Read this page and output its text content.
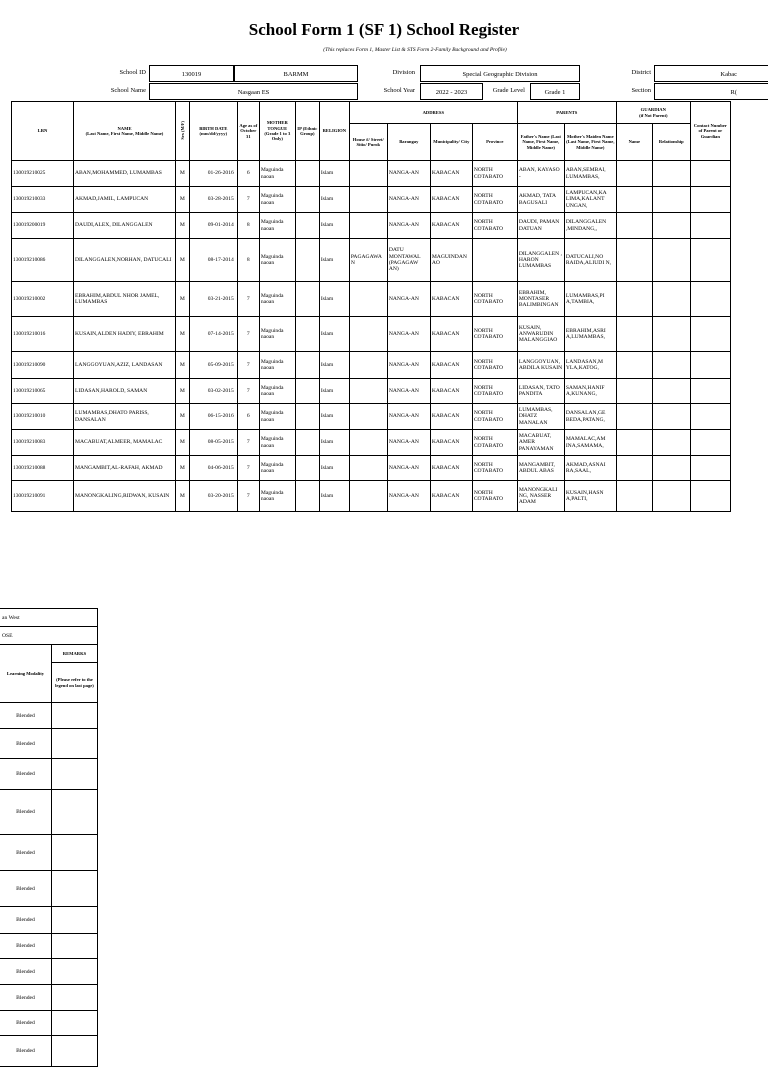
School Form 1 (SF 1) School Register
(This replaces Form 1, Master List & STS Form 2-Family Background and Profile)
School ID	130019	BARMM	Division	Special Geographic Division	District	Kabac
School Name	Nasgaan ES	School Year	2022 - 2023	Grade Level	Grade 1	Section	R(
LRN	NAME
(Last Name, First Name, Middle Name)	Sex (M/F)	BIRTH DATE
(mm/dd/yyyy)	Age as of October 31	MOTHER TONGUE (Grade 1 to 3 Only)	IP (Ethnic Group)	RELIGION	ADDRESS				PARENTS		GUARDIAN
(if Not Parent)		Contact Number of Parent or Guardian
								House #/ Street/ Sitio/ Purok	Barangay	Municipality/ City	Province	Father's Name (Last Name, First Name, Middle Name)	Mother's Maiden Name (Last Name, First Name, Middle Name)	Name	Relationship	
130019210025	ABAN,MOHAMMED, LUMAMBAS	M	01-26-2016	6	Maguinda naoan		Islam		NANGA-AN	KABACAN	NORTH COTABATO	ABAN, KAYASO -	ABAN,SEMBAI, LUMAMBAS,			
130019210033	AKMAD,JAMIL, LAMPUCAN	M	03-28-2015	7	Maguinda naoan		Islam		NANGA-AN	KABACAN	NORTH COTABATO	AKMAD, TATA BAGUSALI	LAMPUCAN,KA LIMA,KALANT UNGAN,			
130019200019	DAUDI,ALEX, DILANGGALEN	M	09-01-2014	8	Maguinda naoan		Islam		NANGA-AN	KABACAN	NORTH COTABATO	DAUDI, PAMAN DATUAN	DILANGGALEN ,MINDANG,,			
130019210086	DILANGGALEN,NORHAN, DATUCALI	M	08-17-2014	8	Maguinda naoan		Islam	PAGAGAWA N	DATU MONTAWAL (PAGAGAW AN)	MAGUINDAN AO		DILANGGALEN , HARON LUMAMBAS	DATUCALI,NO RAIDA,ALIUDI N,			
130019210002	EBRAHIM,ABDUL NHOR JAMEL, LUMAMBAS	M	03-21-2015	7	Maguinda naoan		Islam		NANGA-AN	KABACAN	NORTH COTABATO	EBRAHIM, MONTASER BALIMBINGAN	LUMAMBAS,PI A,TAMBIA,			
130019210016	KUSAIN,ALDEN HADIY, EBRAHIM	M	07-14-2015	7	Maguinda naoan		Islam		NANGA-AN	KABACAN	NORTH COTABATO	KUSAIN, ANWARUDIN MALANGGIAO	EBRAHIM,ASRI A,LUMAMBAS,			
130019210090	LANGGOYUAN,AZIZ, LANDASAN	M	05-09-2015	7	Maguinda naoan		Islam		NANGA-AN	KABACAN	NORTH COTABATO	LANGGOYUAN, ABDILA KUSAIN	LANDASAN,M YLA,KATOG,			
130019210065	LIDASAN,HAROLD, SAMAN	M	03-02-2015	7	Maguinda naoan		Islam		NANGA-AN	KABACAN	NORTH COTABATO	LIDASAN, TATO PANDITA	SAMAN,HANIF A,KUNANG,			
130019210010	LUMAMBAS,DHATO PARISS, DANSALAN	M	06-15-2016	6	Maguinda naoan		Islam		NANGA-AN	KABACAN	NORTH COTABATO	LUMAMBAS, DHATZ MANALAN	DANSALAN,GE BEDA,PATANG,			
130019210083	MACABUAT,ALMEER, MAMALAC	M	08-05-2015	7	Maguinda naoan		Islam		NANGA-AN	KABACAN	NORTH COTABATO	MACABUAT, AMER PANAYAMAN	MAMALAC,AM INA,SAMAMA,			
130019210088	MANGAMBIT,AL-RAFAH, AKMAD	M	04-06-2015	7	Maguinda naoan		Islam		NANGA-AN	KABACAN	NORTH COTABATO	MANGAMBIT, ABDUL ABAS	AKMAD,ASNAI RA,SAAL,			
130019210091	MANONGKALING,RIDWAN, KUSAIN	M	03-20-2015	7	Maguinda naoan		Islam		NANGA-AN	KABACAN	NORTH COTABATO	MANONGKALI NG, NASSER ADAM	KUSAIN,HASN A,PALTI,			
an West	
OSE	
Learning Modality	REMARKS
	(Please refer to the legend on last page)
Blended	
Blended	
Blended	
Blended	
Blended	
Blended	
Blended	
Blended	
Blended	
Blended	
Blended	
Blended	
